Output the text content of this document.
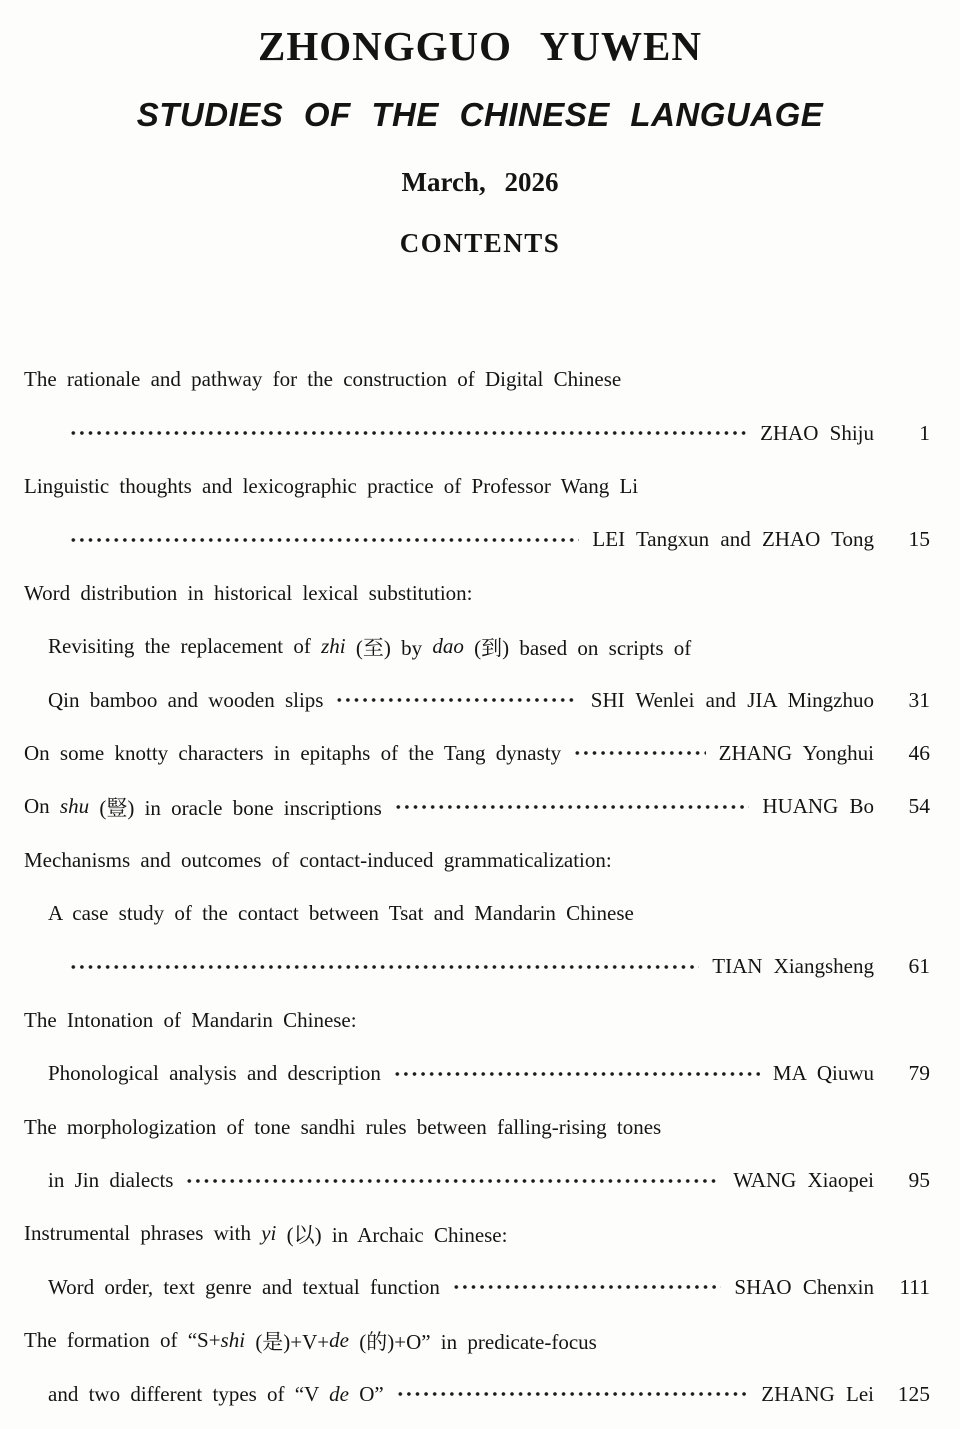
ZHONGGUO YUWEN
STUDIES OF THE CHINESE LANGUAGE
March, 2026
CONTENTS
The rationale and pathway for the construction of Digital Chinese
ZHAO Shiju	1
Linguistic thoughts and lexicographic practice of Professor Wang Li
LEI Tangxun and ZHAO Tong	15
Word distribution in historical lexical substitution:
Revisiting the replacement of zhi (至) by dao (到) based on scripts of
Qin bamboo and wooden slips	SHI Wenlei and JIA Mingzhuo	31
On some knotty characters in epitaphs of the Tang dynasty	ZHANG Yonghui	46
On shu (豎) in oracle bone inscriptions	HUANG Bo	54
Mechanisms and outcomes of contact-induced grammaticalization:
A case study of the contact between Tsat and Mandarin Chinese
TIAN Xiangsheng	61
The Intonation of Mandarin Chinese:
Phonological analysis and description	MA Qiuwu	79
The morphologization of tone sandhi rules between falling-rising tones
in Jin dialects	WANG Xiaopei	95
Instrumental phrases with yi (以) in Archaic Chinese:
Word order, text genre and textual function	SHAO Chenxin	111
The formation of “S+ shi (是)+V+ de (的)+O” in predicate-focus
and two different types of “V de O”	ZHANG Lei	125
